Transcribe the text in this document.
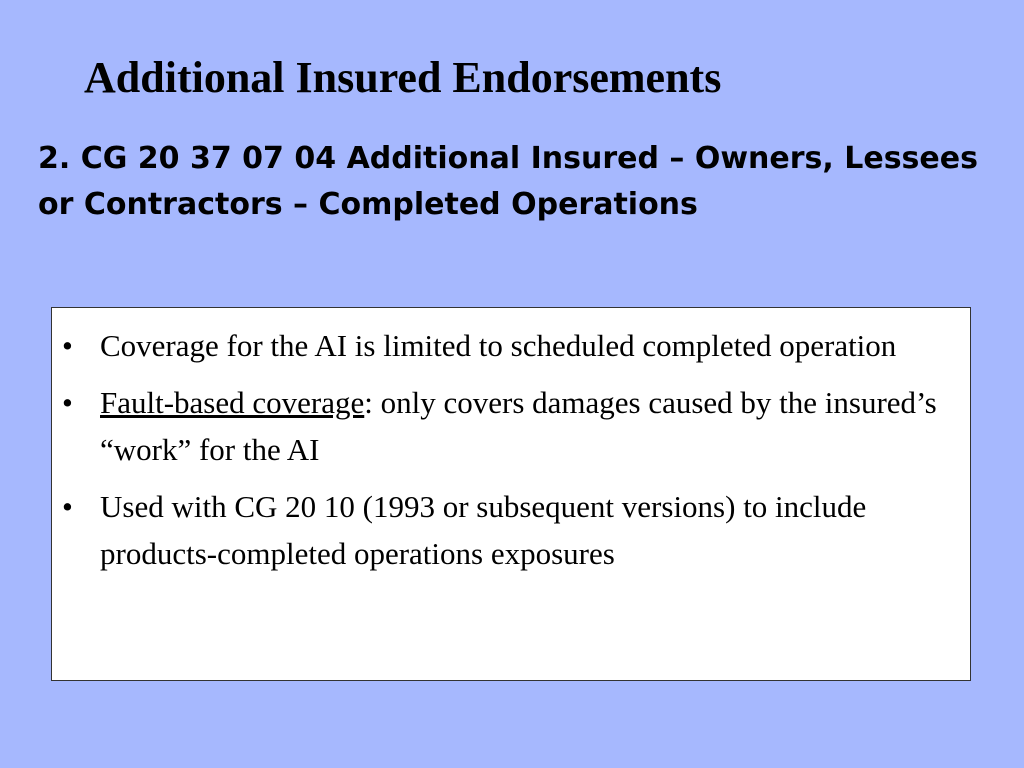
Additional Insured Endorsements
2. CG 20 37 07 04 Additional Insured – Owners, Lessees or Contractors – Completed Operations
• Coverage for the AI is limited to scheduled completed operation
• Fault-based coverage: only covers damages caused by the insured’s “work” for the AI
• Used with CG 20 10 (1993 or subsequent versions) to include products-completed operations exposures
